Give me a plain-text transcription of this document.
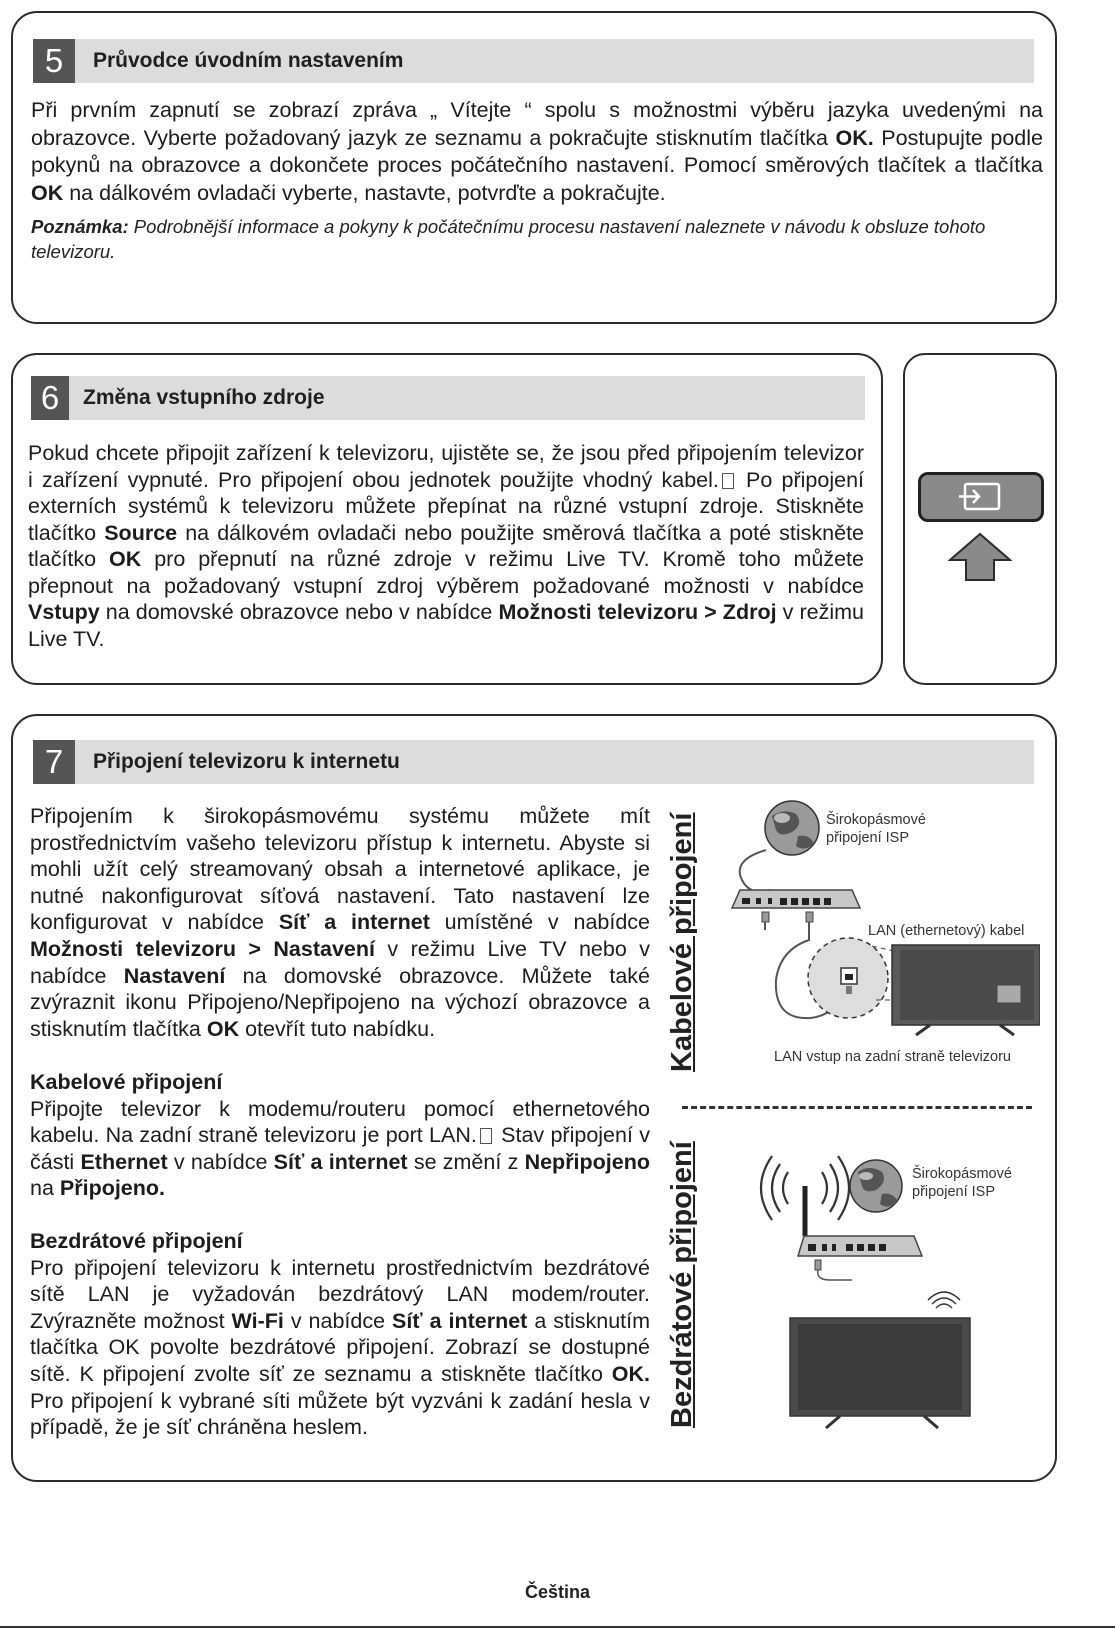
5	Průvodce úvodním nastavením
Při prvním zapnutí se zobrazí zpráva „ Vítejte “ spolu s možnostmi výběru jazyka uvedenými na obrazovce. Vyberte požadovaný jazyk ze seznamu a pokračujte stisknutím tlačítka OK. Postupujte podle pokynů na obrazovce a dokončete proces počátečního nastavení. Pomocí směrových tlačítek a tlačítka OK na dálkovém ovladači vyberte, nastavte, potvrďte a pokračujte.
Poznámka: Podrobnější informace a pokyny k počátečnímu procesu nastavení naleznete v návodu k obsluze tohoto televizoru.
6	Změna vstupního zdroje
Pokud chcete připojit zařízení k televizoru, ujistěte se, že jsou před připojením televizor i zařízení vypnuté. Pro připojení obou jednotek použijte vhodný kabel. Po připojení externích systémů k televizoru můžete přepínat na různé vstupní zdroje. Stiskněte tlačítko Source na dálkovém ovladači nebo použijte směrová tlačítka a poté stiskněte tlačítko OK pro přepnutí na různé zdroje v režimu Live TV. Kromě toho můžete přepnout na požadovaný vstupní zdroj výběrem požadované možnosti v nabídce Vstupy na domovské obrazovce nebo v nabídce Možnosti televizoru > Zdroj v režimu Live TV.
7	Připojení televizoru k internetu
Připojením k širokopásmovému systému můžete mít prostřednictvím vašeho televizoru přístup k internetu. Abyste si mohli užít celý streamovaný obsah a internetové aplikace, je nutné nakonfigurovat síťová nastavení. Tato nastavení lze konfigurovat v nabídce Síť a internet umístěné v nabídce Možnosti televizoru > Nastavení v režimu Live TV nebo v nabídce Nastavení na domovské obrazovce. Můžete také zvýraznit ikonu Připojeno/Nepřipojeno na výchozí obrazovce a stisknutím tlačítka OK otevřít tuto nabídku.
Kabelové připojení
Připojte televizor k modemu/routeru pomocí ethernetového kabelu. Na zadní straně televizoru je port LAN. Stav připojení v části Ethernet v nabídce Síť a internet se změní z Nepřipojeno na Připojeno.
Bezdrátové připojení
Pro připojení televizoru k internetu prostřednictvím bezdrátové sítě LAN je vyžadován bezdrátový LAN modem/router. Zvýrazněte možnost Wi-Fi v nabídce Síť a internet a stisknutím tlačítka OK povolte bezdrátové připojení. Zobrazí se dostupné sítě. K připojení zvolte síť ze seznamu a stiskněte tlačítko OK. Pro připojení k vybrané síti můžete být vyzváni k zadání hesla v případě, že je síť chráněna heslem.
Kabelové připojení
Bezdrátové připojení
Širokopásmové
připojení ISP
LAN (ethernetový) kabel
LAN vstup na zadní straně televizoru
Širokopásmové
připojení ISP
Čeština
